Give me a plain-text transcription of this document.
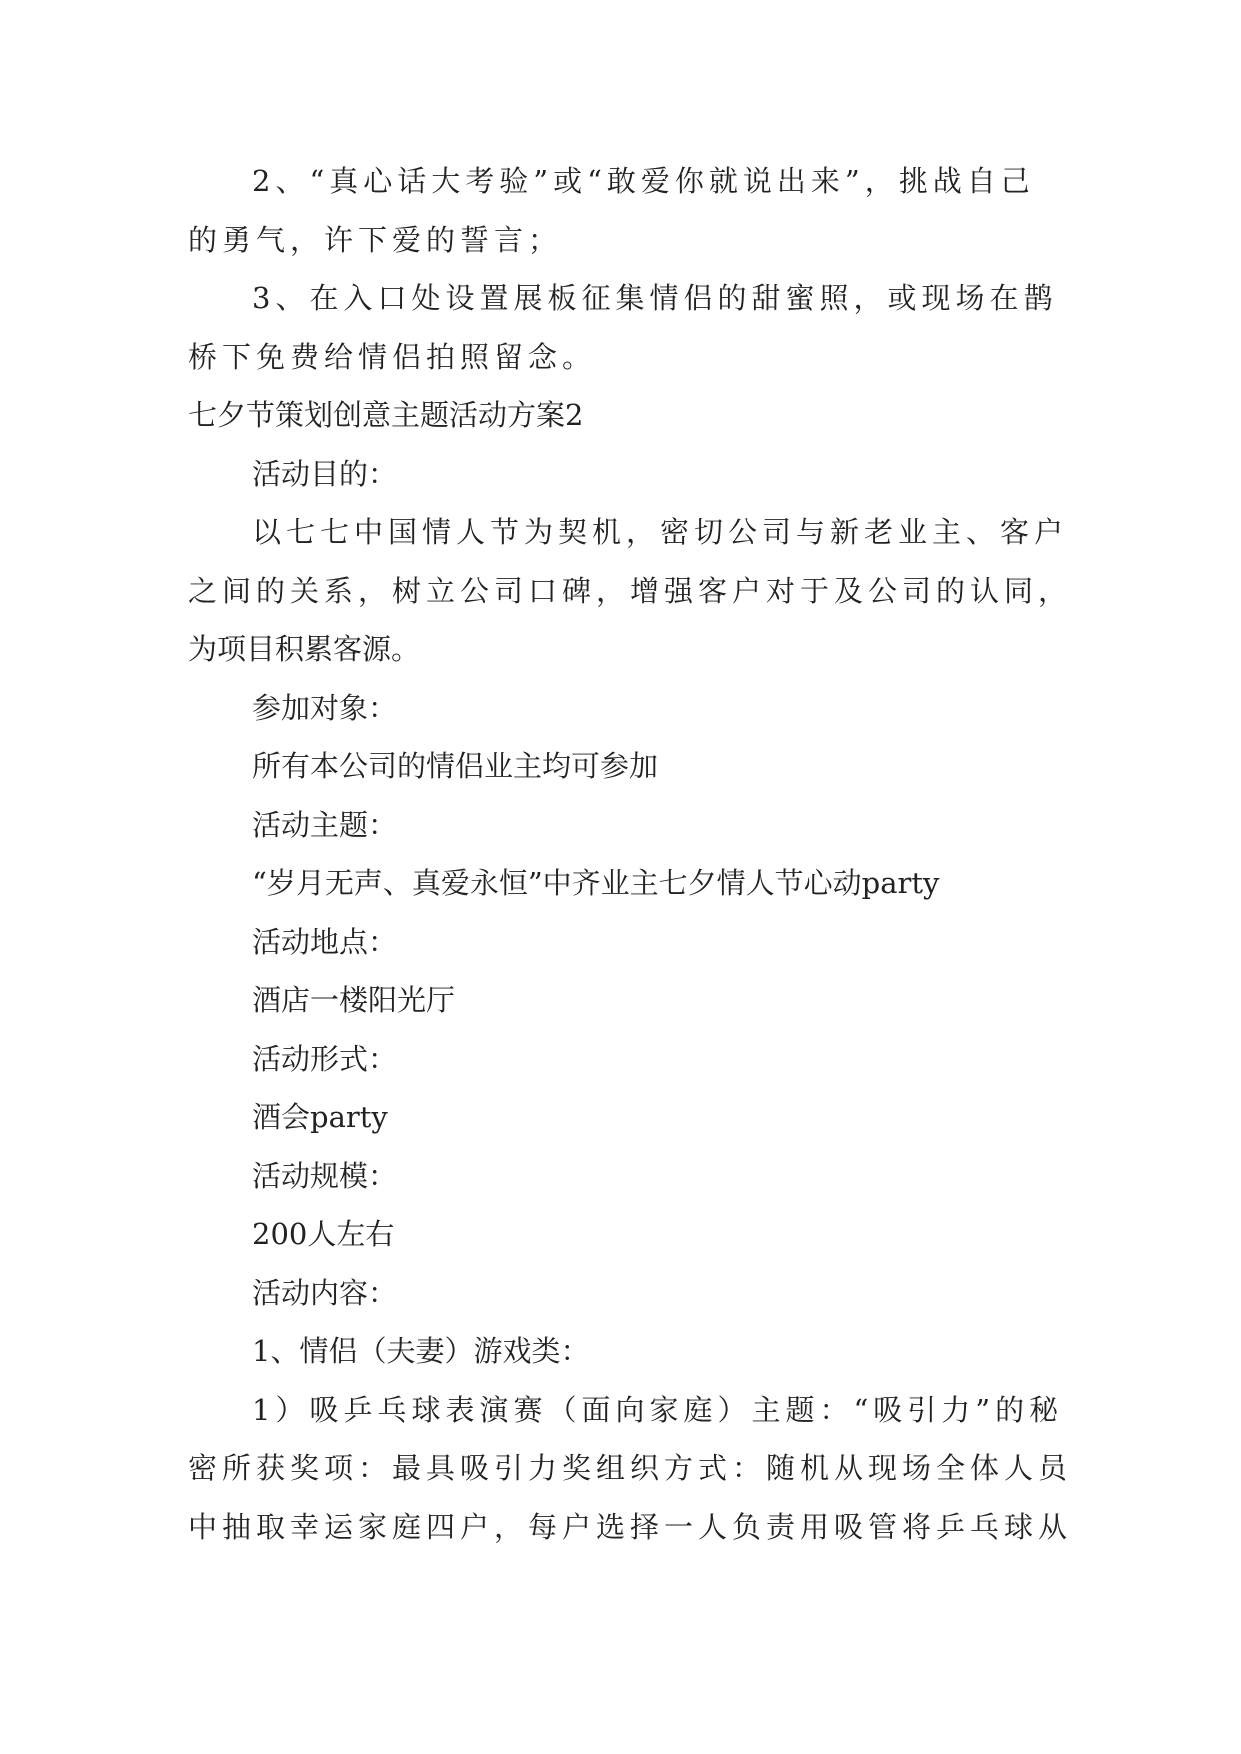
2、“真心话大考验”或“敢爱你就说出来”，挑战自己
的勇气，许下爱的誓言；
3、在入口处设置展板征集情侣的甜蜜照，或现场在鹊
桥下免费给情侣拍照留念。
七夕节策划创意主题活动方案2
活动目的：
以七七中国情人节为契机，密切公司与新老业主、客户
之间的关系，树立公司口碑，增强客户对于及公司的认同，
为项目积累客源。
参加对象：
所有本公司的情侣业主均可参加
活动主题：
“岁月无声、真爱永恒”中齐业主七夕情人节心动party
活动地点：
酒店一楼阳光厅
活动形式：
酒会party
活动规模：
200人左右
活动内容：
1、情侣（夫妻）游戏类：
1）吸乒乓球表演赛（面向家庭）主题：“吸引力”的秘
密所获奖项：最具吸引力奖组织方式：随机从现场全体人员
中抽取幸运家庭四户，每户选择一人负责用吸管将乒乓球从
